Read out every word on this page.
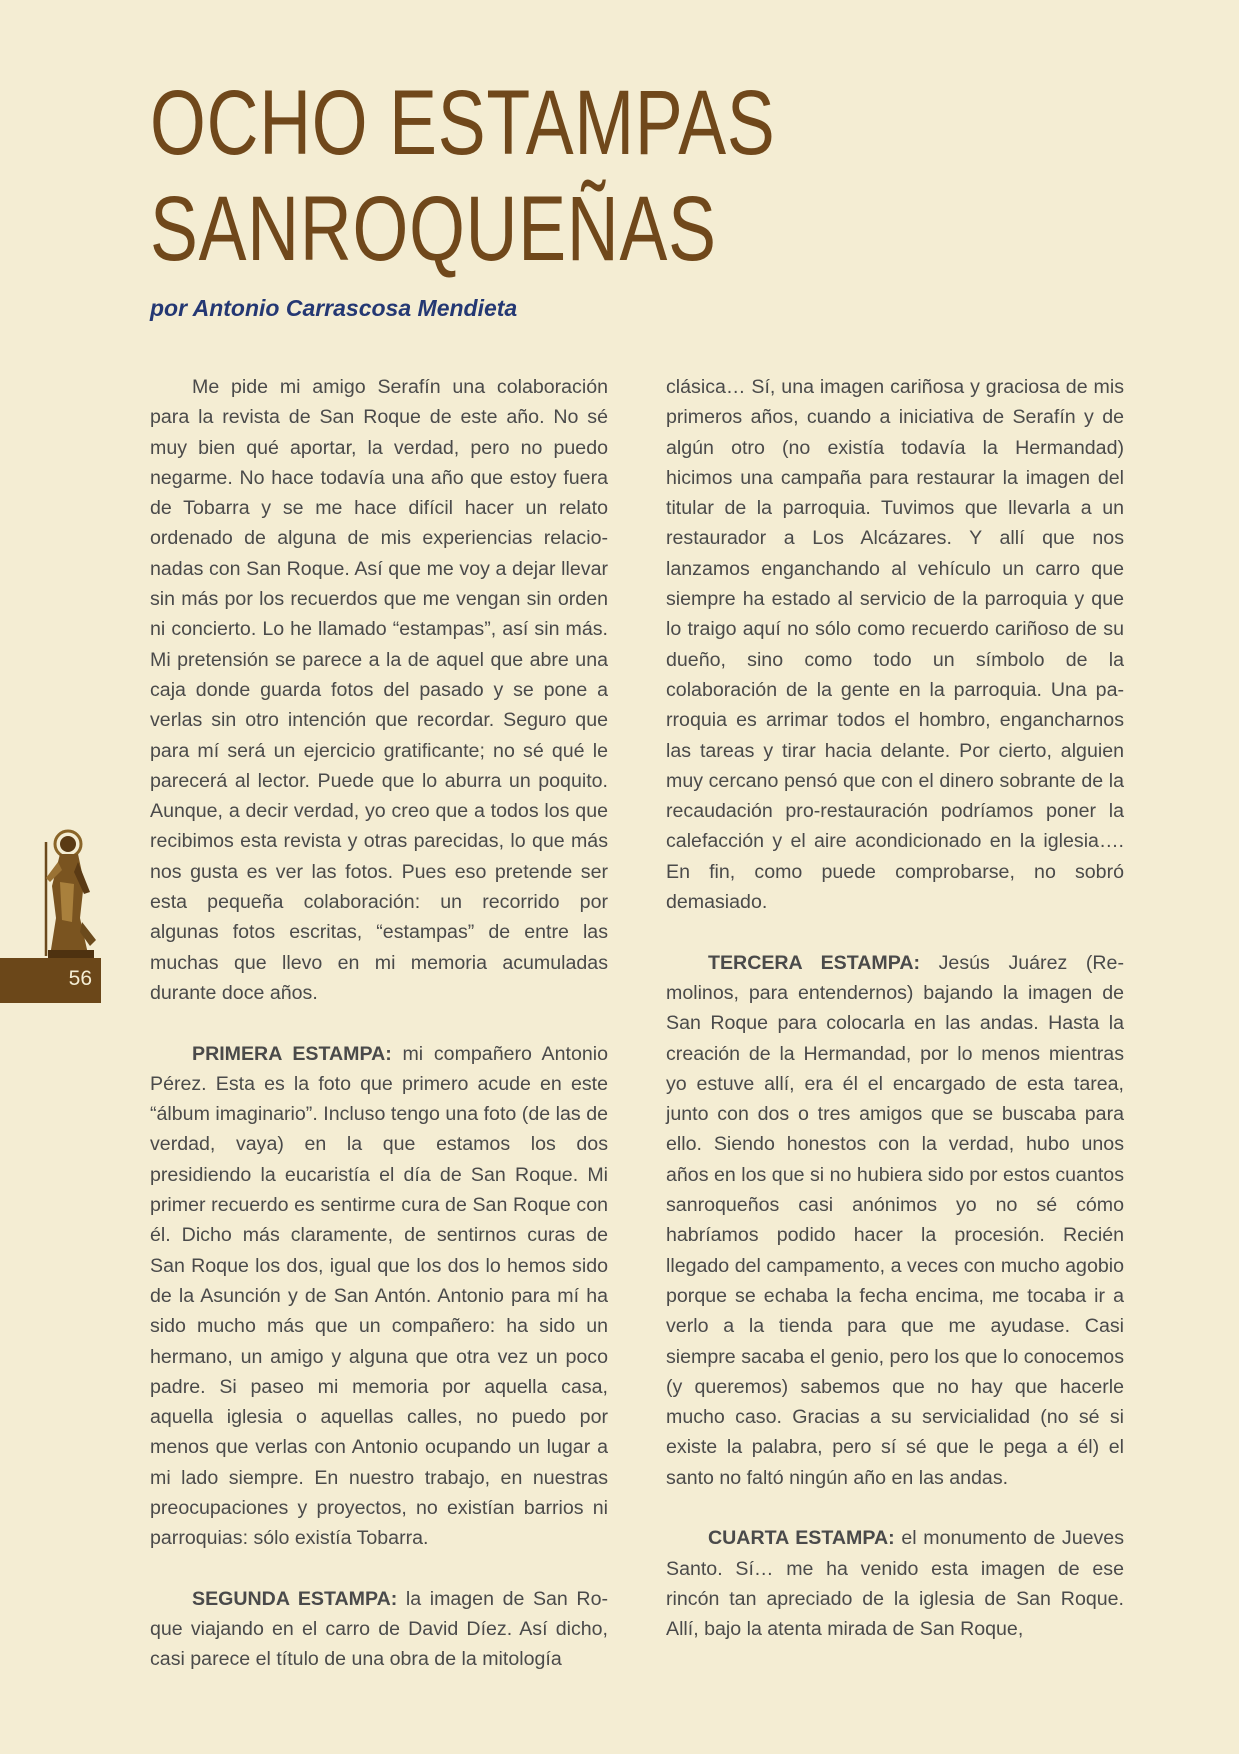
OCHO ESTAMPAS
SANROQUEÑAS
por Antonio Carrascosa Mendieta

Me pide mi amigo Serafín una colaboración para la revista de San Roque de este año. No sé muy bien qué aportar, la verdad, pero no puedo negarme. No hace todavía una año que estoy fuera de Tobarra y se me hace difícil hacer un relato ordenado de alguna de mis experiencias relacionadas con San Roque. Así que me voy a dejar llevar sin más por los recuerdos que me vengan sin orden ni concierto. Lo he llamado “estampas”, así sin más. Mi pretensión se parece a la de aquel que abre una caja donde guarda fotos del pasado y se pone a verlas sin otro intención que recordar. Seguro que para mí será un ejercicio gratificante; no sé qué le parecerá al lector. Puede que lo aburra un poquito. Aunque, a decir verdad, yo creo que a todos los que recibimos esta revista y otras parecidas, lo que más nos gusta es ver las fotos. Pues eso pretende ser esta pequeña colaboración: un recorrido por algunas fotos escritas, “estampas” de entre las muchas que llevo en mi memoria acumuladas durante doce años.

PRIMERA ESTAMPA: mi compañero Antonio Pérez. Esta es la foto que primero acude en este “álbum imaginario”. Incluso tengo una foto (de las de verdad, vaya) en la que estamos los dos presidiendo la eucaristía el día de San Roque. Mi primer recuerdo es sentirme cura de San Roque con él. Dicho más claramente, de sentirnos curas de San Roque los dos, igual que los dos lo hemos sido de la Asunción y de San Antón. Antonio para mí ha sido mucho más que un compañero: ha sido un hermano, un amigo y alguna que otra vez un poco padre. Si paseo mi memoria por aquella casa, aquella iglesia o aquellas calles, no puedo por menos que verlas con Antonio ocupando un lugar a mi lado siempre. En nuestro trabajo, en nuestras preocupaciones y proyectos, no existían barrios ni parroquias: sólo existía Tobarra.

SEGUNDA ESTAMPA: la imagen de San Roque viajando en el carro de David Díez. Así dicho, casi parece el título de una obra de la mitología

clásica… Sí, una imagen cariñosa y graciosa de mis primeros años, cuando a iniciativa de Serafín y de algún otro (no existía todavía la Hermandad) hicimos una campaña para restaurar la imagen del titular de la parroquia. Tuvimos que llevarla a un restaurador a Los Alcázares. Y allí que nos lanzamos enganchando al vehículo un carro que siempre ha estado al servicio de la parroquia y que lo traigo aquí no sólo como recuerdo cariñoso de su dueño, sino como todo un símbolo de la colaboración de la gente en la parroquia. Una parroquia es arrimar todos el hombro, engancharnos las tareas y tirar hacia delante. Por cierto, alguien muy cercano pensó que con el dinero sobrante de la recaudación pro-restauración podríamos poner la calefacción y el aire acondicionado en la iglesia…. En fin, como puede comprobarse, no sobró demasiado.

TERCERA ESTAMPA: Jesús Juárez (Remolinos, para entendernos) bajando la imagen de San Roque para colocarla en las andas. Hasta la creación de la Hermandad, por lo menos mientras yo estuve allí, era él el encargado de esta tarea, junto con dos o tres amigos que se buscaba para ello. Siendo honestos con la verdad, hubo unos años en los que si no hubiera sido por estos cuantos sanroqueños casi anónimos yo no sé cómo habríamos podido hacer la procesión. Recién llegado del campamento, a veces con mucho agobio porque se echaba la fecha encima, me tocaba ir a verlo a la tienda para que me ayudase. Casi siempre sacaba el genio, pero los que lo conocemos (y queremos) sabemos que no hay que hacerle mucho caso. Gracias a su servicialidad (no sé si existe la palabra, pero sí sé que le pega a él) el santo no faltó ningún año en las andas.

CUARTA ESTAMPA: el monumento de Jueves Santo. Sí… me ha venido esta imagen de ese rincón tan apreciado de la iglesia de San Roque. Allí, bajo la atenta mirada de San Roque,

56
